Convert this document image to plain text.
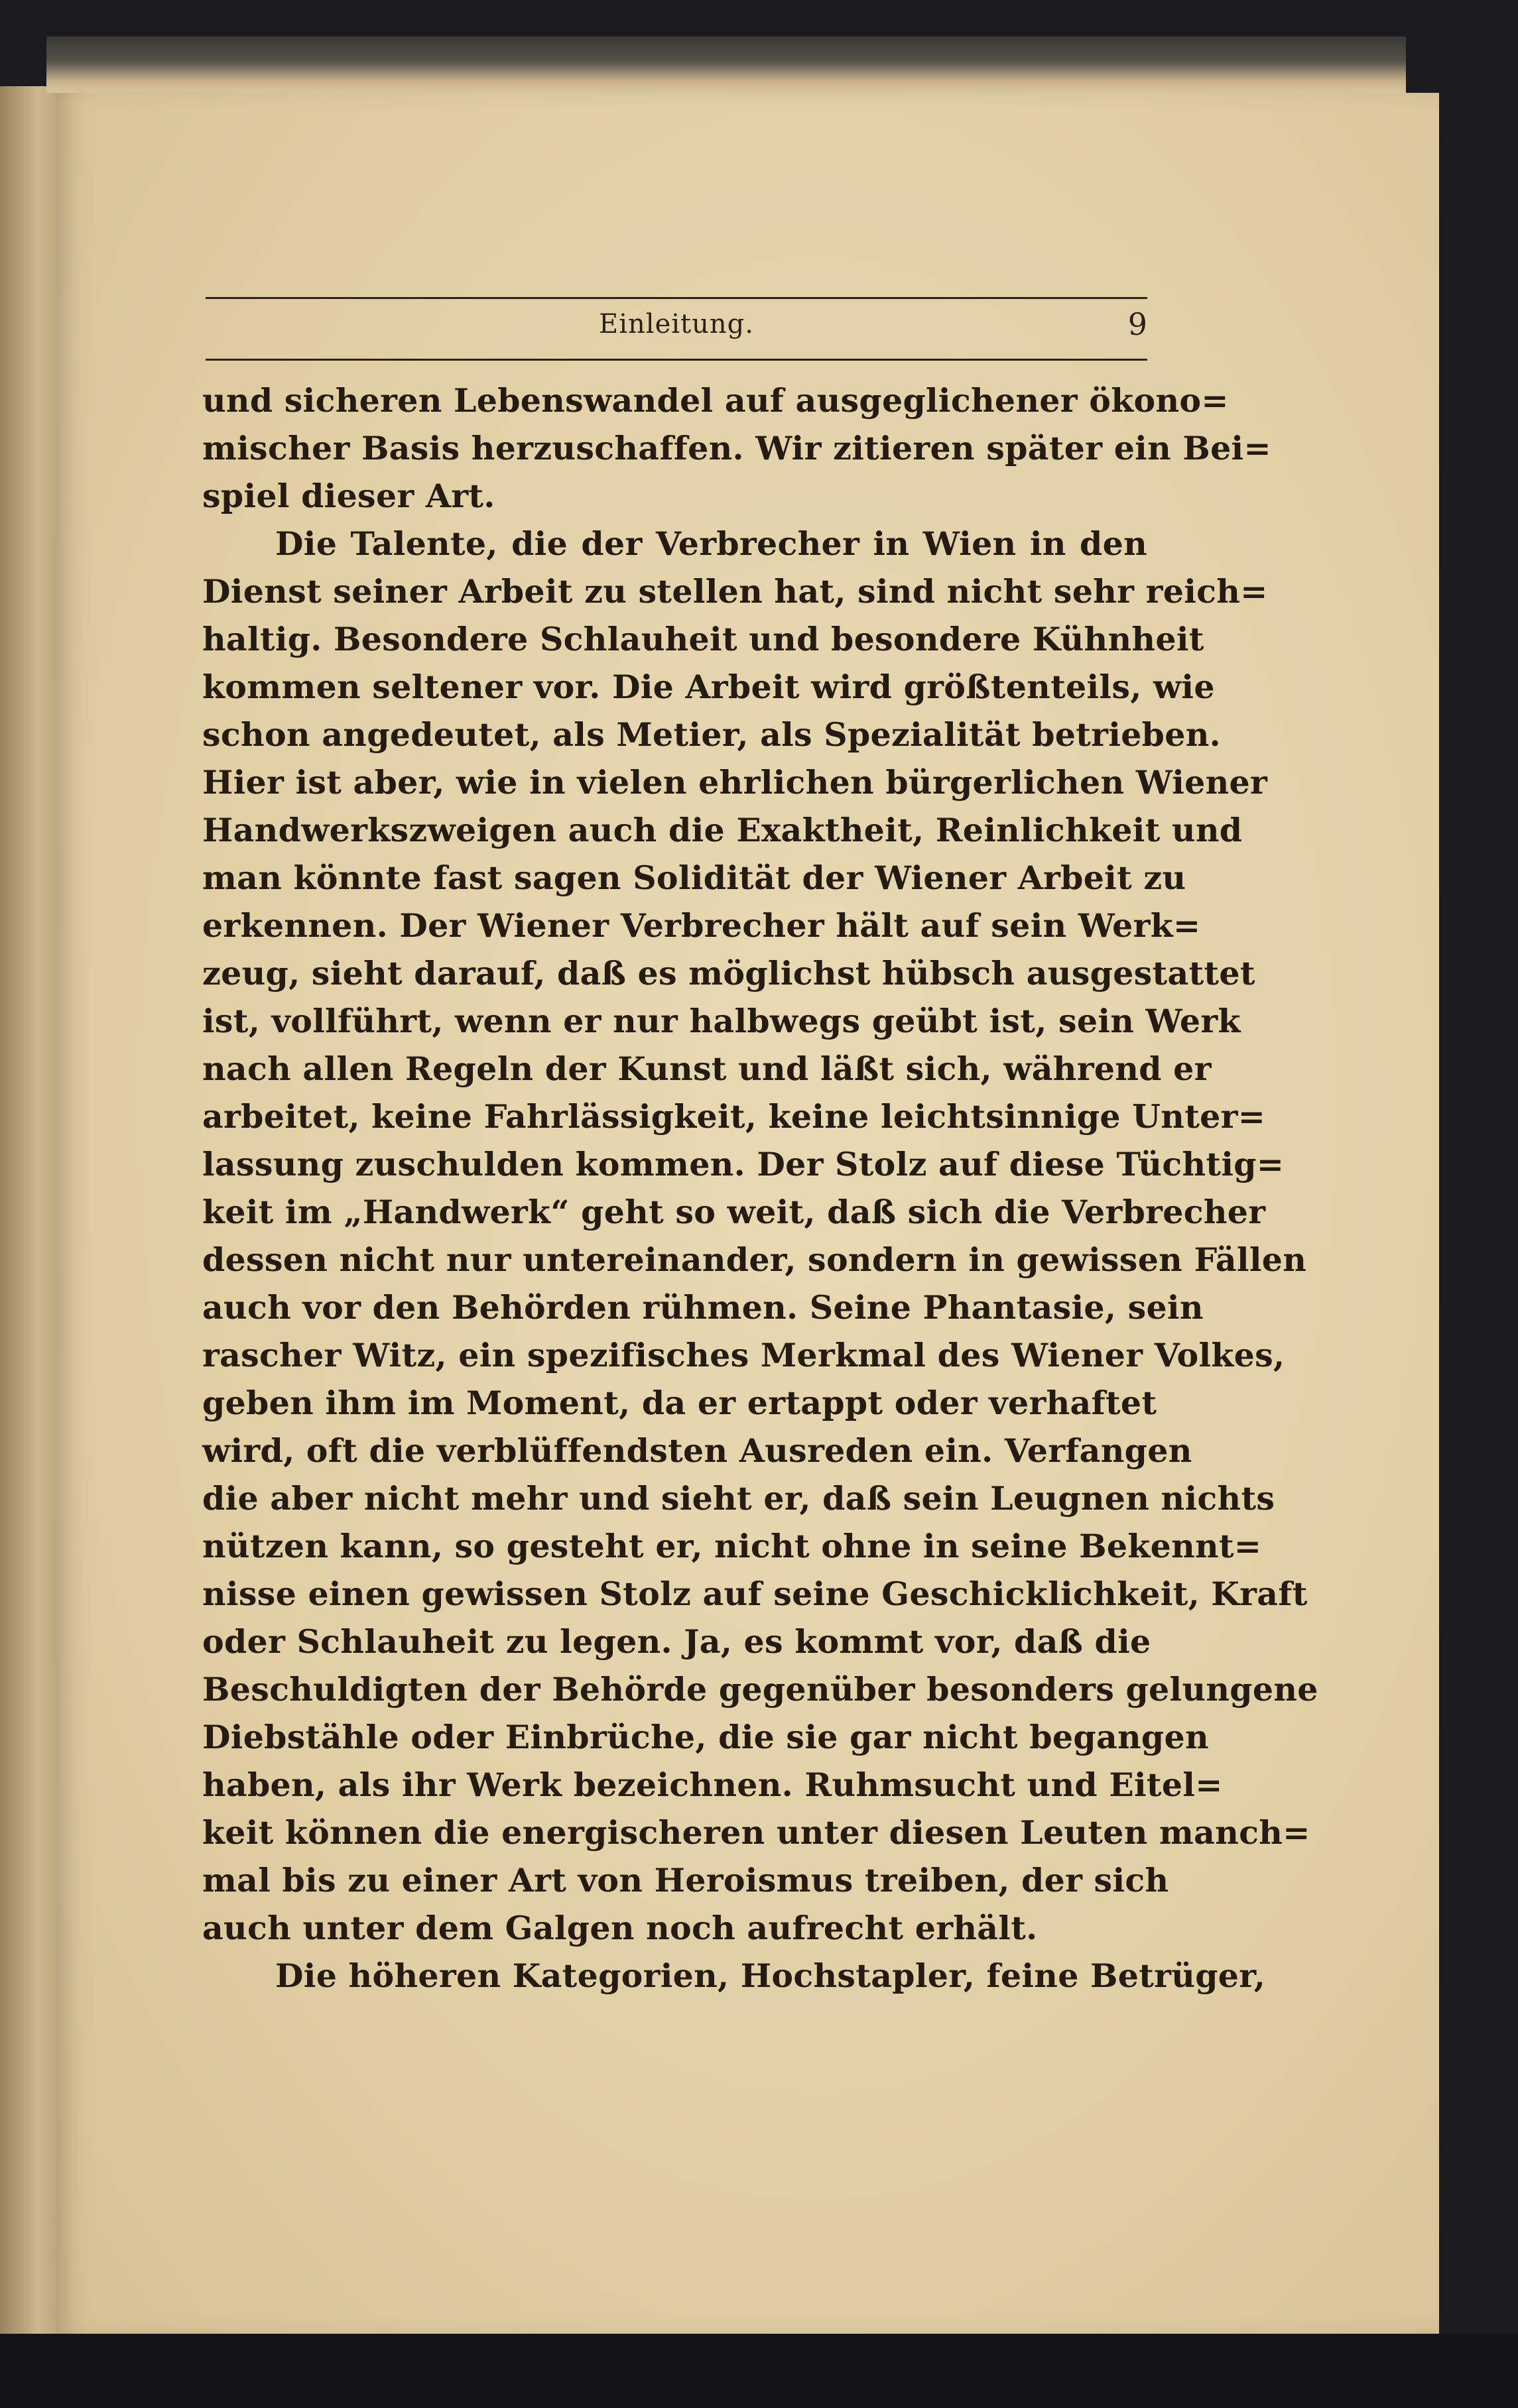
Einleitung.	9
und sicheren Lebenswandel auf ausgeglichener ökono=
mischer Basis herzuschaffen. Wir zitieren später ein Bei=
spiel dieser Art.
Die Talente, die der Verbrecher in Wien in den
Dienst seiner Arbeit zu stellen hat, sind nicht sehr reich=
haltig. Besondere Schlauheit und besondere Kühnheit
kommen seltener vor. Die Arbeit wird größtenteils, wie
schon angedeutet, als Metier, als Spezialität betrieben.
Hier ist aber, wie in vielen ehrlichen bürgerlichen Wiener
Handwerkszweigen auch die Exaktheit, Reinlichkeit und
man könnte fast sagen Solidität der Wiener Arbeit zu
erkennen. Der Wiener Verbrecher hält auf sein Werk=
zeug, sieht darauf, daß es möglichst hübsch ausgestattet
ist, vollführt, wenn er nur halbwegs geübt ist, sein Werk
nach allen Regeln der Kunst und läßt sich, während er
arbeitet, keine Fahrlässigkeit, keine leichtsinnige Unter=
lassung zuschulden kommen. Der Stolz auf diese Tüchtig=
keit im „Handwerk“ geht so weit, daß sich die Verbrecher
dessen nicht nur untereinander, sondern in gewissen Fällen
auch vor den Behörden rühmen. Seine Phantasie, sein
rascher Witz, ein spezifisches Merkmal des Wiener Volkes,
geben ihm im Moment, da er ertappt oder verhaftet
wird, oft die verblüffendsten Ausreden ein. Verfangen
die aber nicht mehr und sieht er, daß sein Leugnen nichts
nützen kann, so gesteht er, nicht ohne in seine Bekennt=
nisse einen gewissen Stolz auf seine Geschicklichkeit, Kraft
oder Schlauheit zu legen. Ja, es kommt vor, daß die
Beschuldigten der Behörde gegenüber besonders gelungene
Diebstähle oder Einbrüche, die sie gar nicht begangen
haben, als ihr Werk bezeichnen. Ruhmsucht und Eitel=
keit können die energischeren unter diesen Leuten manch=
mal bis zu einer Art von Heroismus treiben, der sich
auch unter dem Galgen noch aufrecht erhält.
Die höheren Kategorien, Hochstapler, feine Betrüger,
